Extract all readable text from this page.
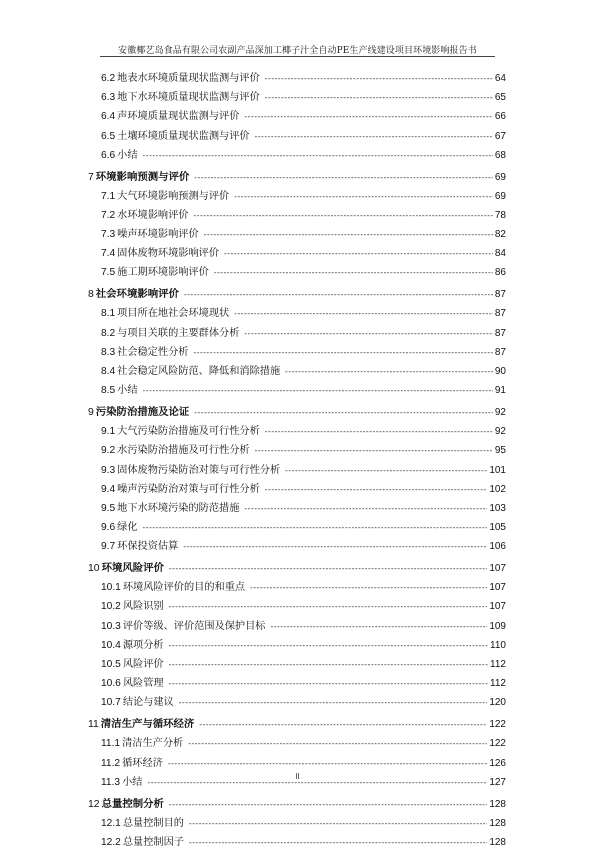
安徽椰艺岛食品有限公司农副产品深加工椰子汁全自动PE生产线建设项目环境影响报告书
6.2 地表水环境质量现状监测与评价 -----	64
6.3 地下水环境质量现状监测与评价 -----	65
6.4 声环境质量现状监测与评价 -----	66
6.5 土壤环境质量现状监测与评价 -----	67
6.6 小结 -----	68
7 环境影响预测与评价 -----	69
7.1 大气环境影响预测与评价 -----	69
7.2 水环境影响评价 -----	78
7.3 噪声环境影响评价 -----	82
7.4 固体废物环境影响评价 -----	84
7.5 施工期环境影响评价 -----	86
8 社会环境影响评价 -----	87
8.1 项目所在地社会环境现状 -----	87
8.2 与项目关联的主要群体分析 -----	87
8.3 社会稳定性分析 -----	87
8.4 社会稳定风险防范、降低和消除措施 -----	90
8.5 小结 -----	91
9 污染防治措施及论证 -----	92
9.1 大气污染防治措施及可行性分析 -----	92
9.2 水污染防治措施及可行性分析 -----	95
9.3 固体废物污染防治对策与可行性分析 -----	101
9.4 噪声污染防治对策与可行性分析 -----	102
9.5 地下水环境污染的防范措施 -----	103
9.6 绿化 -----	105
9.7 环保投资估算 -----	106
10 环境风险评价 -----	107
10.1 环境风险评价的目的和重点 -----	107
10.2 风险识别 -----	107
10.3 评价等级、评价范围及保护目标 -----	109
10.4 源项分析 -----	110
10.5 风险评价 -----	112
10.6 风险管理 -----	112
10.7 结论与建议 -----	120
11 清洁生产与循环经济 -----	122
11.1 清洁生产分析 -----	122
11.2 循环经济 -----	126
11.3 小结 -----	127
12 总量控制分析 -----	128
12.1 总量控制目的 -----	128
12.2 总量控制因子 -----	128
II
